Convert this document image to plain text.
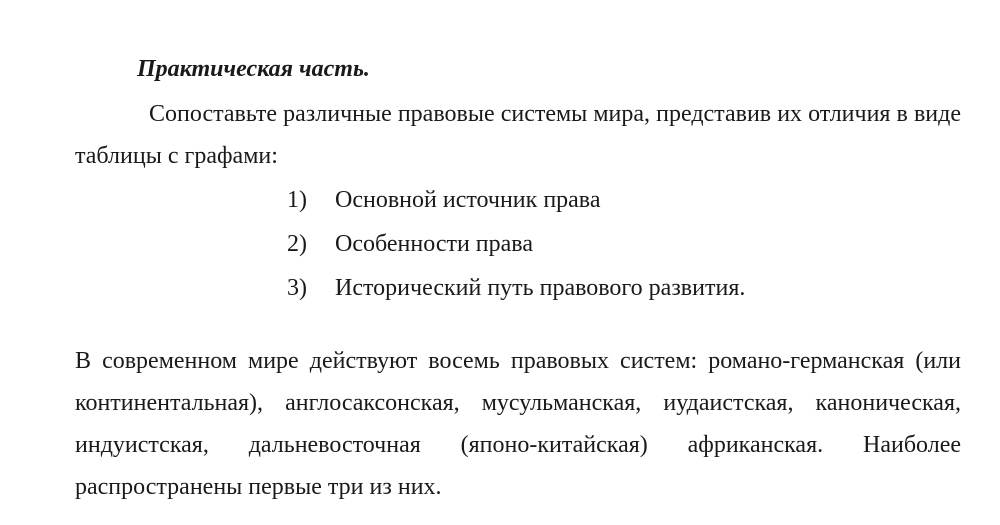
Практическая часть.

Сопоставьте различные правовые системы мира, представив их отличия в виде таблицы с графами:

1) Основной источник права
2) Особенности права
3) Исторический путь правового развития.

В современном мире действуют восемь правовых систем: романо-германская (или континентальная), англосаксонская, мусульманская, иудаистская, каноническая, индуистская, дальневосточная (японо-китайская) африканская. Наиболее распространены первые три из них.
